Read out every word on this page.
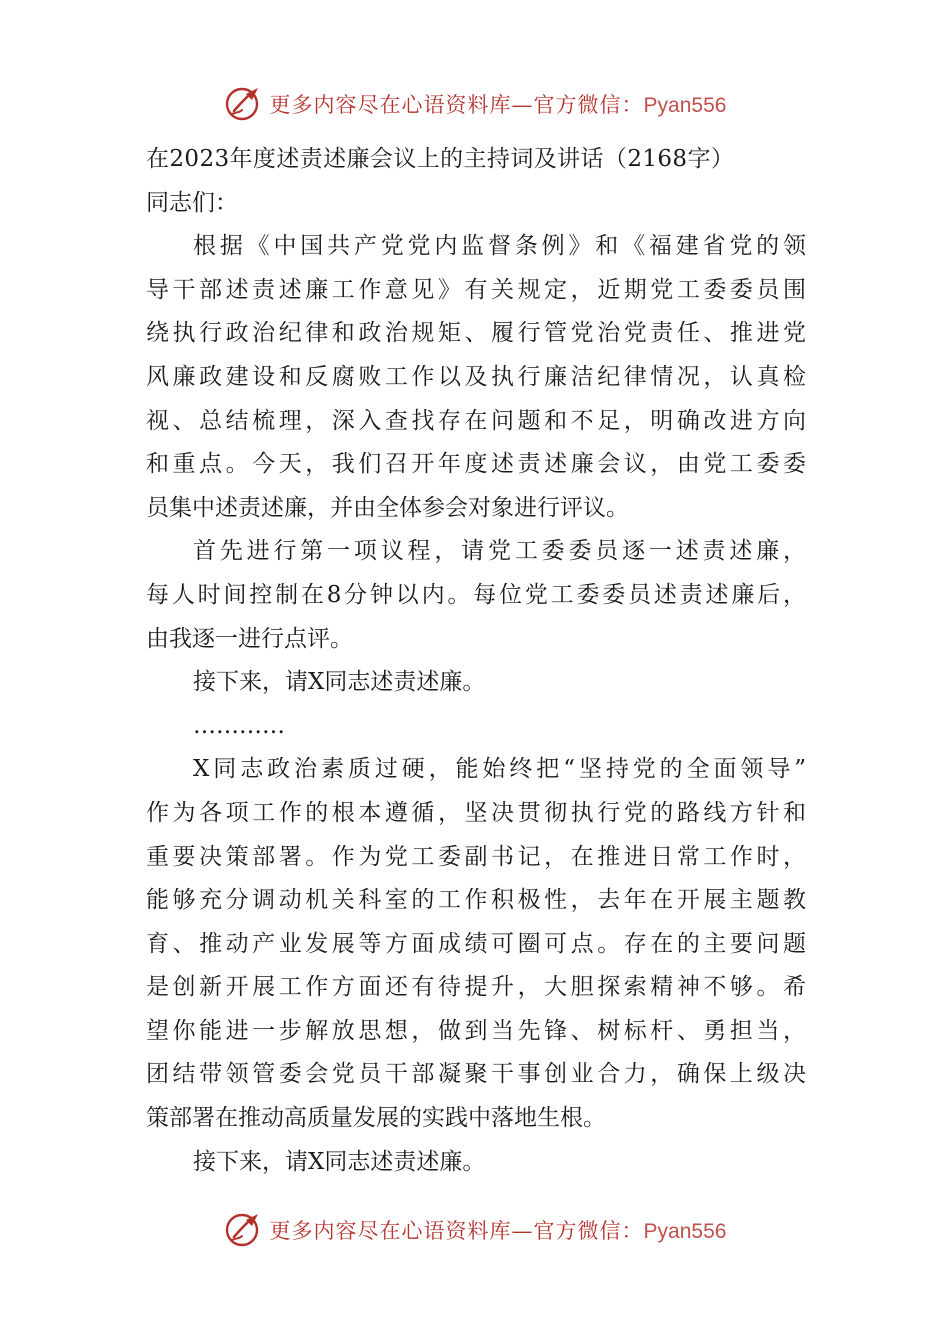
更多内容尽在心语资料库—官方微信：Pyan556
在2023年度述责述廉会议上的主持词及讲话（2168字）
同志们：
根据《中国共产党党内监督条例》和《福建省党的领
导干部述责述廉工作意见》有关规定，近期党工委委员围
绕执行政治纪律和政治规矩、履行管党治党责任、推进党
风廉政建设和反腐败工作以及执行廉洁纪律情况，认真检
视、总结梳理，深入查找存在问题和不足，明确改进方向
和重点。今天，我们召开年度述责述廉会议，由党工委委
员集中述责述廉，并由全体参会对象进行评议。
首先进行第一项议程，请党工委委员逐一述责述廉，
每人时间控制在8分钟以内。每位党工委委员述责述廉后，
由我逐一进行点评。
接下来，请X同志述责述廉。
…………
X同志政治素质过硬，能始终把“坚持党的全面领导”
作为各项工作的根本遵循，坚决贯彻执行党的路线方针和
重要决策部署。作为党工委副书记，在推进日常工作时，
能够充分调动机关科室的工作积极性，去年在开展主题教
育、推动产业发展等方面成绩可圈可点。存在的主要问题
是创新开展工作方面还有待提升，大胆探索精神不够。希
望你能进一步解放思想，做到当先锋、树标杆、勇担当，
团结带领管委会党员干部凝聚干事创业合力，确保上级决
策部署在推动高质量发展的实践中落地生根。
接下来，请X同志述责述廉。
更多内容尽在心语资料库—官方微信：Pyan556
